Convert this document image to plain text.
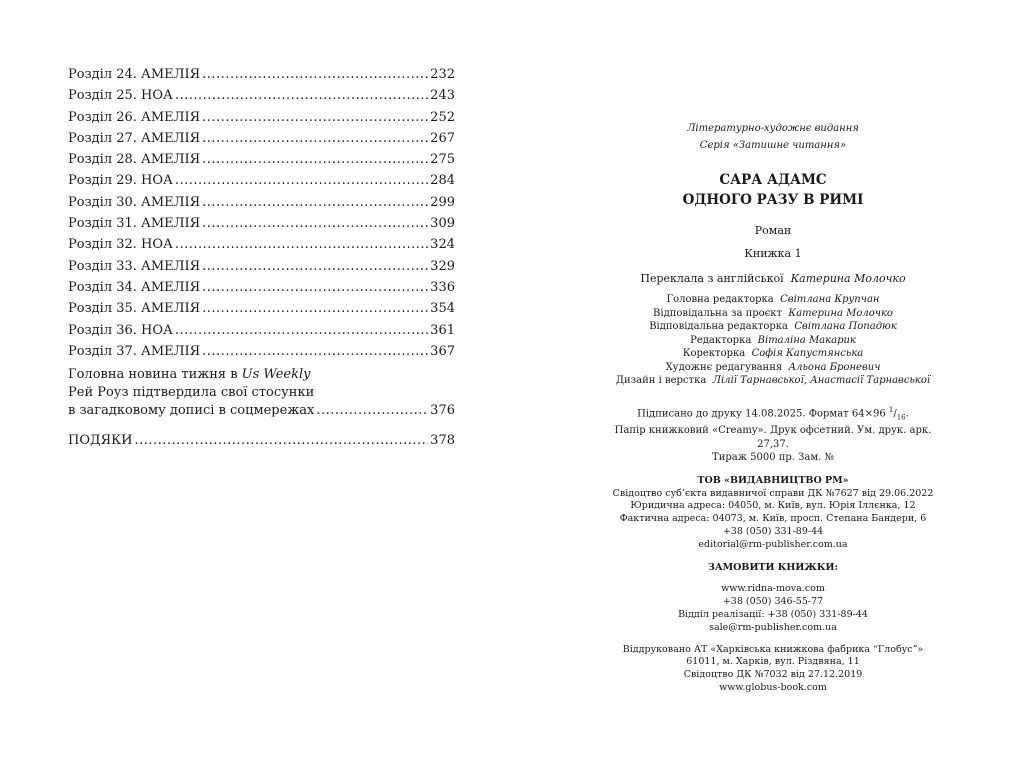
Розділ 24. АМЕЛІЯ .....	232
Розділ 25. НОА .....	243
Розділ 26. АМЕЛІЯ .....	252
Розділ 27. АМЕЛІЯ .....	267
Розділ 28. АМЕЛІЯ .....	275
Розділ 29. НОА .....	284
Розділ 30. АМЕЛІЯ .....	299
Розділ 31. АМЕЛІЯ .....	309
Розділ 32. НОА .....	324
Розділ 33. АМЕЛІЯ .....	329
Розділ 34. АМЕЛІЯ .....	336
Розділ 35. АМЕЛІЯ .....	354
Розділ 36. НОА .....	361
Розділ 37. АМЕЛІЯ .....	367
Головна новина тижня в Us Weekly
Рей Роуз підтвердила свої стосунки
в загадковому дописі в соцмережах .....	376
ПОДЯКИ .....	378
Літературно-художнє видання
Серія «Затишне читання»
САРА АДАМС
ОДНОГО РАЗУ В РИМІ
Роман
Книжка 1
Переклала з англійської Катерина Молочко
Головна редакторка Світлана Крупчан
Відповідальна за проєкт Катерина Молочко
Відповідальна редакторка Світлана Попадюк
Редакторка Віталіна Макарик
Коректорка Софія Капустянська
Художнє редагування Альона Броневич
Дизайн і верстка Лілії Тарнавської, Анастасії Тарнавської
Підписано до друку 14.08.2025. Формат 64×96 $^1/_{16}$.
Папір книжковий «Creamy». Друк офсетний. Ум. друк. арк. 27,37.
Тираж 5000 пр. Зам. №
ТОВ «ВИДАВНИЦТВО РМ»
Свідоцтво суб’єкта видавничої справи ДК №7627 від 29.06.2022
Юридична адреса: 04050, м. Київ, вул. Юрія Іллєнка, 12
Фактична адреса: 04073, м. Київ, просп. Степана Бандери, 6
+38 (050) 331-89-44
editorial@rm-publisher.com.ua
ЗАМОВИТИ КНИЖКИ:
www.ridna-mova.com
+38 (050) 346-55-77
Відділ реалізації: +38 (050) 331-89-44
sale@rm-publisher.com.ua
Віддруковано АТ «Харківська книжкова фабрика “Глобус”»
61011, м. Харків, вул. Різдвяна, 11
Свідоцтво ДК №7032 від 27.12.2019
www.globus-book.com
